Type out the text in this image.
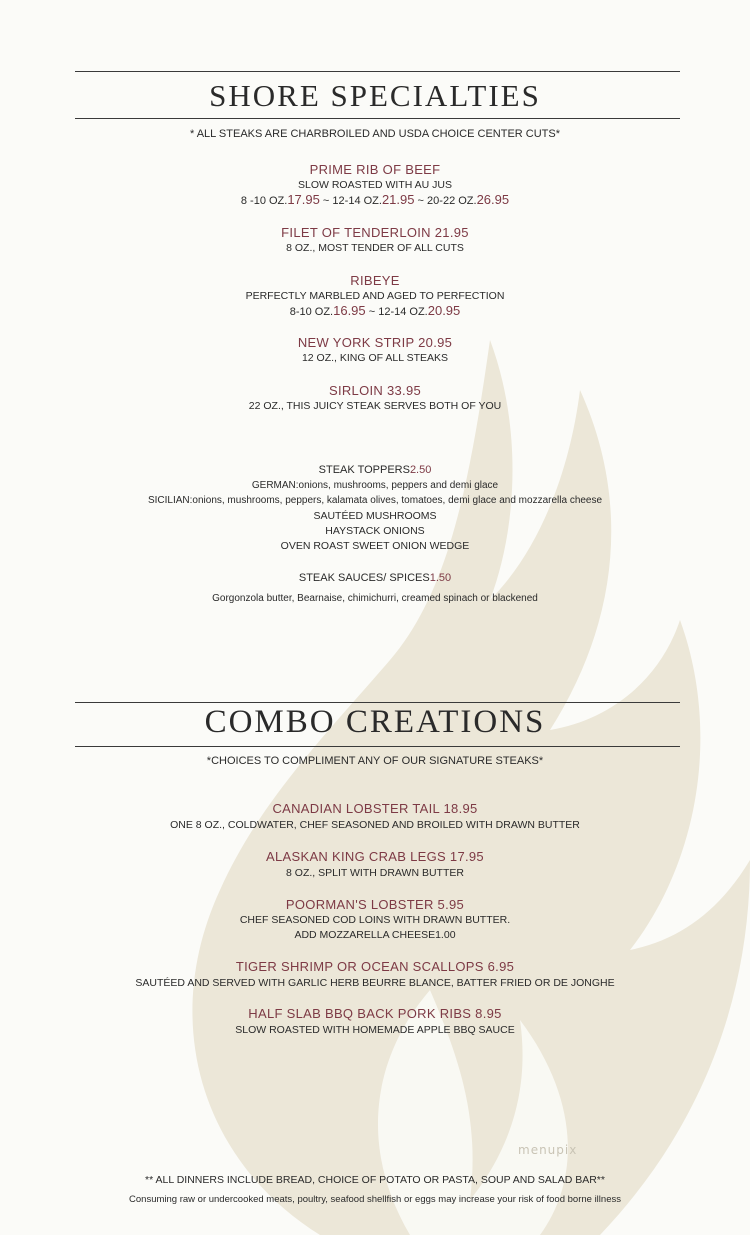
SHORE SPECIALTIES
* ALL STEAKS ARE CHARBROILED AND USDA CHOICE CENTER CUTS*
PRIME RIB OF BEEF
SLOW ROASTED WITH AU JUS
8 -10 OZ.17.95 ~ 12-14 OZ.21.95 ~ 20-22 OZ.26.95
FILET OF TENDERLOIN 21.95
8 OZ., MOST TENDER OF ALL CUTS
RIBEYE
PERFECTLY MARBLED AND AGED TO PERFECTION
8-10 OZ.16.95 ~ 12-14 OZ.20.95
NEW YORK STRIP 20.95
12 OZ., KING OF ALL STEAKS
SIRLOIN 33.95
22 OZ., THIS JUICY STEAK SERVES BOTH OF YOU
STEAK TOPPERS2.50
GERMAN:onions, mushrooms, peppers and demi glace
SICILIAN:onions, mushrooms, peppers, kalamata olives, tomatoes, demi glace and mozzarella cheese
SAUTÉED MUSHROOMS
HAYSTACK ONIONS
OVEN ROAST SWEET ONION WEDGE
STEAK SAUCES/ SPICES1.50
Gorgonzola butter, Bearnaise, chimichurri, creamed spinach or blackened
COMBO CREATIONS
*CHOICES TO COMPLIMENT ANY OF OUR SIGNATURE STEAKS*
CANADIAN LOBSTER TAIL 18.95
ONE 8 OZ., COLDWATER, CHEF SEASONED AND BROILED WITH DRAWN BUTTER
ALASKAN KING CRAB LEGS 17.95
8 OZ., SPLIT WITH DRAWN BUTTER
POORMAN'S LOBSTER 5.95
CHEF SEASONED COD LOINS WITH DRAWN BUTTER.
ADD MOZZARELLA CHEESE1.00
TIGER SHRIMP OR OCEAN SCALLOPS 6.95
SAUTÉED AND SERVED WITH GARLIC HERB BEURRE BLANCE, BATTER FRIED OR DE JONGHE
HALF SLAB BBQ BACK PORK RIBS 8.95
SLOW ROASTED WITH HOMEMADE APPLE BBQ SAUCE
menupix
** ALL DINNERS INCLUDE BREAD, CHOICE OF POTATO OR PASTA, SOUP AND SALAD BAR**
Consuming raw or undercooked meats, poultry, seafood shellfish or eggs may increase your risk of food borne illness
